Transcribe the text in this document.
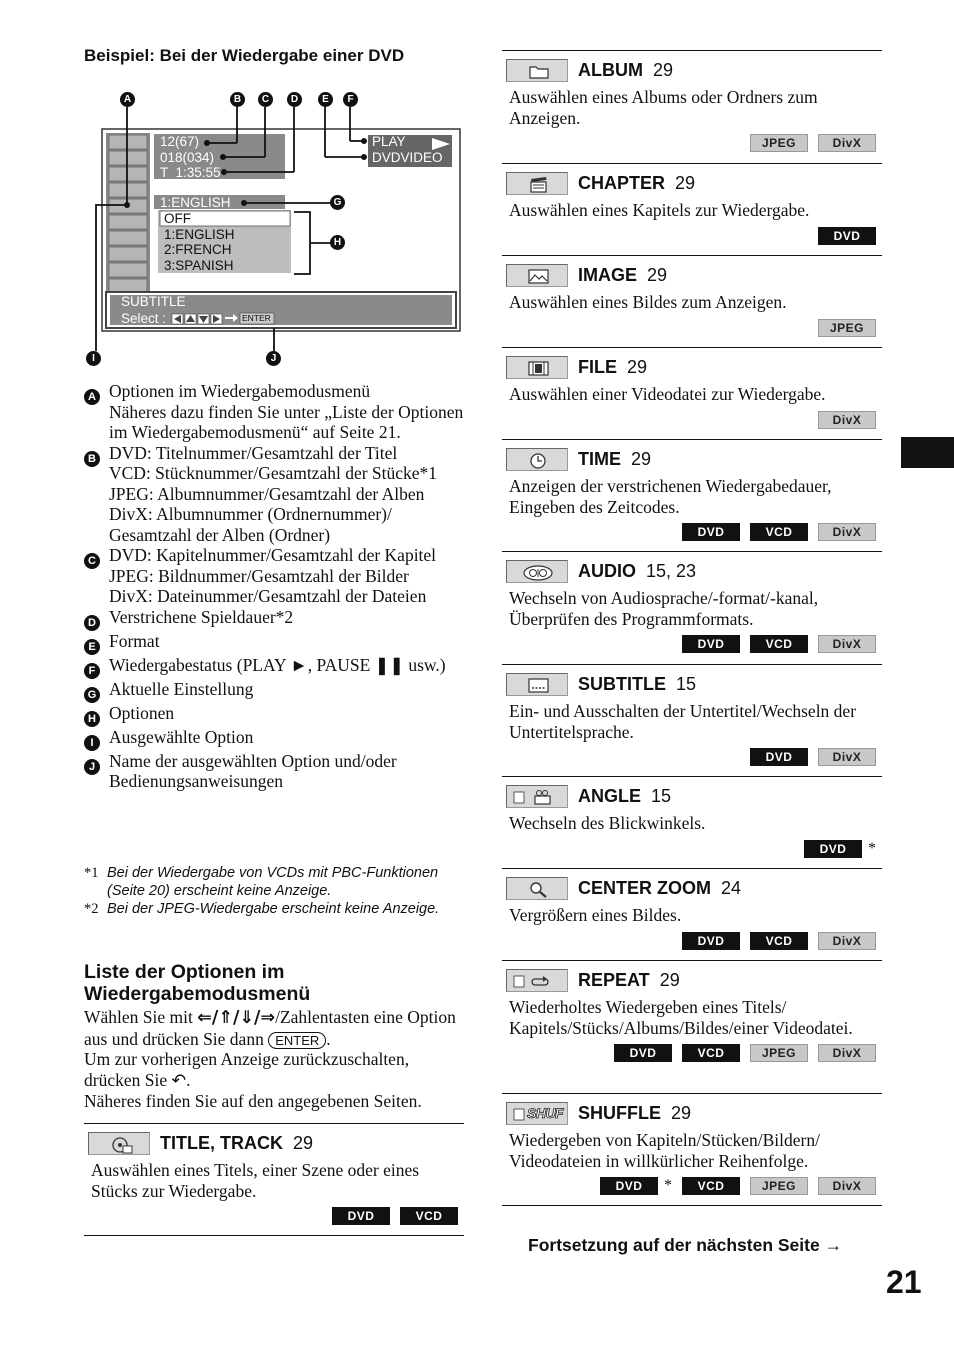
Beispiel: Bei der Wiedergabe einer DVD
A	B	C	D	E	F
G
H
I	J
12(67)
018(034)
T  1:35:55
PLAY
DVDVIDEO
1:ENGLISH
OFF
1:ENGLISH
2:FRENCH
3:SPANISH
SUBTITLE
Select :	ENTER
A Optionen im Wiedergabemodusmenü
Näheres dazu finden Sie unter „Liste der Optionen im Wiedergabemodusmenü“ auf Seite 21.
B DVD: Titelnummer/Gesamtzahl der Titel
VCD: Stücknummer/Gesamtzahl der Stücke*1
JPEG: Albumnummer/Gesamtzahl der Alben
DivX: Albumnummer (Ordnernummer)/ Gesamtzahl der Alben (Ordner)
C DVD: Kapitelnummer/Gesamtzahl der Kapitel
JPEG: Bildnummer/Gesamtzahl der Bilder
DivX: Dateinummer/Gesamtzahl der Dateien
D Verstrichene Spieldauer*2
E Format
F Wiedergabestatus (PLAY ►, PAUSE ❚❚ usw.)
G Aktuelle Einstellung
H Optionen
I Ausgewählte Option
J Name der ausgewählten Option und/oder Bedienungsanweisungen
*1 Bei der Wiedergabe von VCDs mit PBC-Funktionen (Seite 20) erscheint keine Anzeige.
*2 Bei der JPEG-Wiedergabe erscheint keine Anzeige.
Liste der Optionen im Wiedergabemodusmenü
Wählen Sie mit ⇐/⇑/⇓/⇒/Zahlentasten eine Option aus und drücken Sie dann ENTER .
Um zur vorherigen Anzeige zurückzuschalten, drücken Sie ↶.
Näheres finden Sie auf den angegebenen Seiten.
TITLE, TRACK 29
Auswählen eines Titels, einer Szene oder eines Stücks zur Wiedergabe.
DVD	VCD
ALBUM 29
Auswählen eines Albums oder Ordners zum Anzeigen.
JPEG	DivX
CHAPTER 29
Auswählen eines Kapitels zur Wiedergabe.
DVD
IMAGE 29
Auswählen eines Bildes zum Anzeigen.
JPEG
FILE 29
Auswählen einer Videodatei zur Wiedergabe.
DivX
TIME 29
Anzeigen der verstrichenen Wiedergabedauer, Eingeben des Zeitcodes.
DVD	VCD	DivX
AUDIO 15, 23
Wechseln von Audiosprache/-format/-kanal, Überprüfen des Programmformats.
DVD	VCD	DivX
SUBTITLE 15
Ein- und Ausschalten der Untertitel/Wechseln der Untertitelsprache.
DVD	DivX
ANGLE 15
Wechseln des Blickwinkels.
DVD	*
CENTER ZOOM 24
Vergrößern eines Bildes.
DVD	VCD	DivX
REPEAT 29
Wiederholtes Wiedergeben eines Titels/ Kapitels/Stücks/Albums/Bildes/einer Videodatei.
DVD	VCD	JPEG	DivX
SHUF SHUFFLE 29
Wiedergeben von Kapiteln/Stücken/Bildern/ Videodateien in willkürlicher Reihenfolge.
DVD	*	VCD	JPEG	DivX
Fortsetzung auf der nächsten Seite →
21
